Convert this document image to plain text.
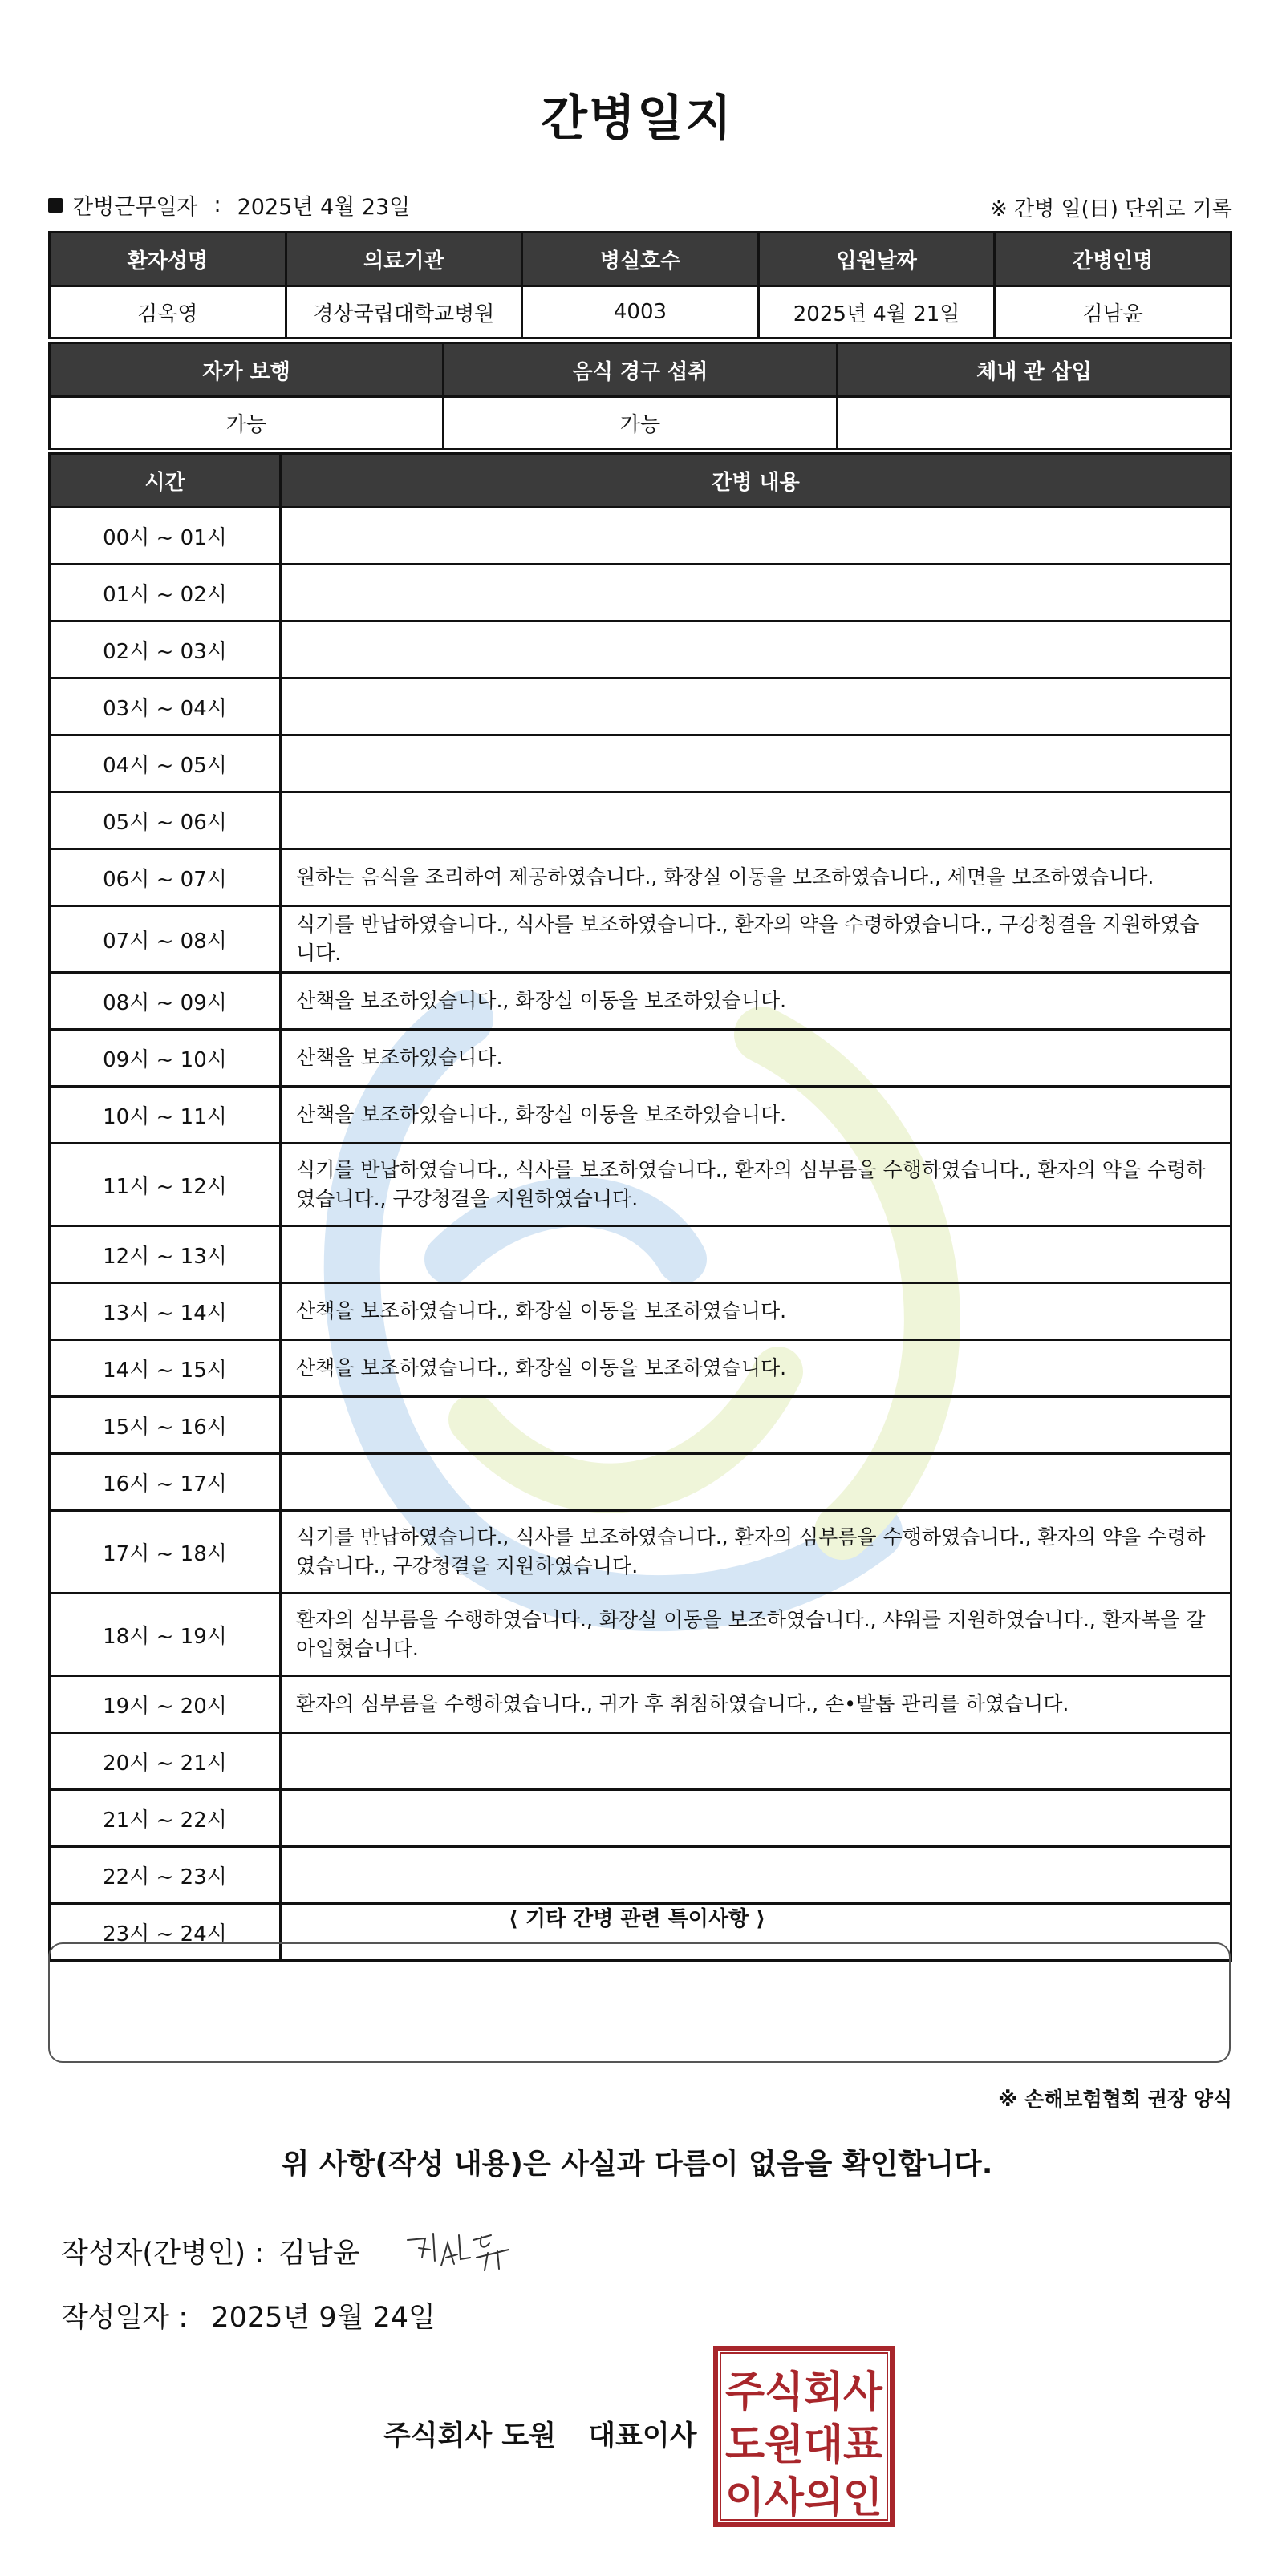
간병일지
간병근무일자 : 2025년 4월 23일	※ 간병 일(日) 단위로 기록
환자성명	의료기관	병실호수	입원날짜	간병인명
김옥영	경상국립대학교병원	4003	2025년 4월 21일	김남윤
자가 보행	음식 경구 섭취	체내 관 삽입
가능	가능	
시간	간병 내용
00시 ~ 01시	
01시 ~ 02시	
02시 ~ 03시	
03시 ~ 04시	
04시 ~ 05시	
05시 ~ 06시	
06시 ~ 07시	원하는 음식을 조리하여 제공하였습니다., 화장실 이동을 보조하였습니다., 세면을 보조하였습니다.
07시 ~ 08시	식기를 반납하였습니다., 식사를 보조하였습니다., 환자의 약을 수령하였습니다., 구강청결을 지원하였습니다.
08시 ~ 09시	산책을 보조하였습니다., 화장실 이동을 보조하였습니다.
09시 ~ 10시	산책을 보조하였습니다.
10시 ~ 11시	산책을 보조하였습니다., 화장실 이동을 보조하였습니다.
11시 ~ 12시	식기를 반납하였습니다., 식사를 보조하였습니다., 환자의 심부름을 수행하였습니다., 환자의 약을 수령하였습니다., 구강청결을 지원하였습니다.
12시 ~ 13시	
13시 ~ 14시	산책을 보조하였습니다., 화장실 이동을 보조하였습니다.
14시 ~ 15시	산책을 보조하였습니다., 화장실 이동을 보조하였습니다.
15시 ~ 16시	
16시 ~ 17시	
17시 ~ 18시	식기를 반납하였습니다., 식사를 보조하였습니다., 환자의 심부름을 수행하였습니다., 환자의 약을 수령하였습니다., 구강청결을 지원하였습니다.
18시 ~ 19시	환자의 심부름을 수행하였습니다., 화장실 이동을 보조하였습니다., 샤워를 지원하였습니다., 환자복을 갈아입혔습니다.
19시 ~ 20시	환자의 심부름을 수행하였습니다., 귀가 후 취침하였습니다., 손•발톱 관리를 하였습니다.
20시 ~ 21시	
21시 ~ 22시	
22시 ~ 23시	
23시 ~ 24시	
⟨ 기타 간병 관련 특이사항 ⟩
※ 손해보험협회 권장 양식
위 사항(작성 내용)은 사실과 다름이 없음을 확인합니다.
작성자(간병인) : 김남윤
작성일자 : 2025년 9월 24일
주식회사 도원 대표이사
주식회사
도원대표
이사의인
